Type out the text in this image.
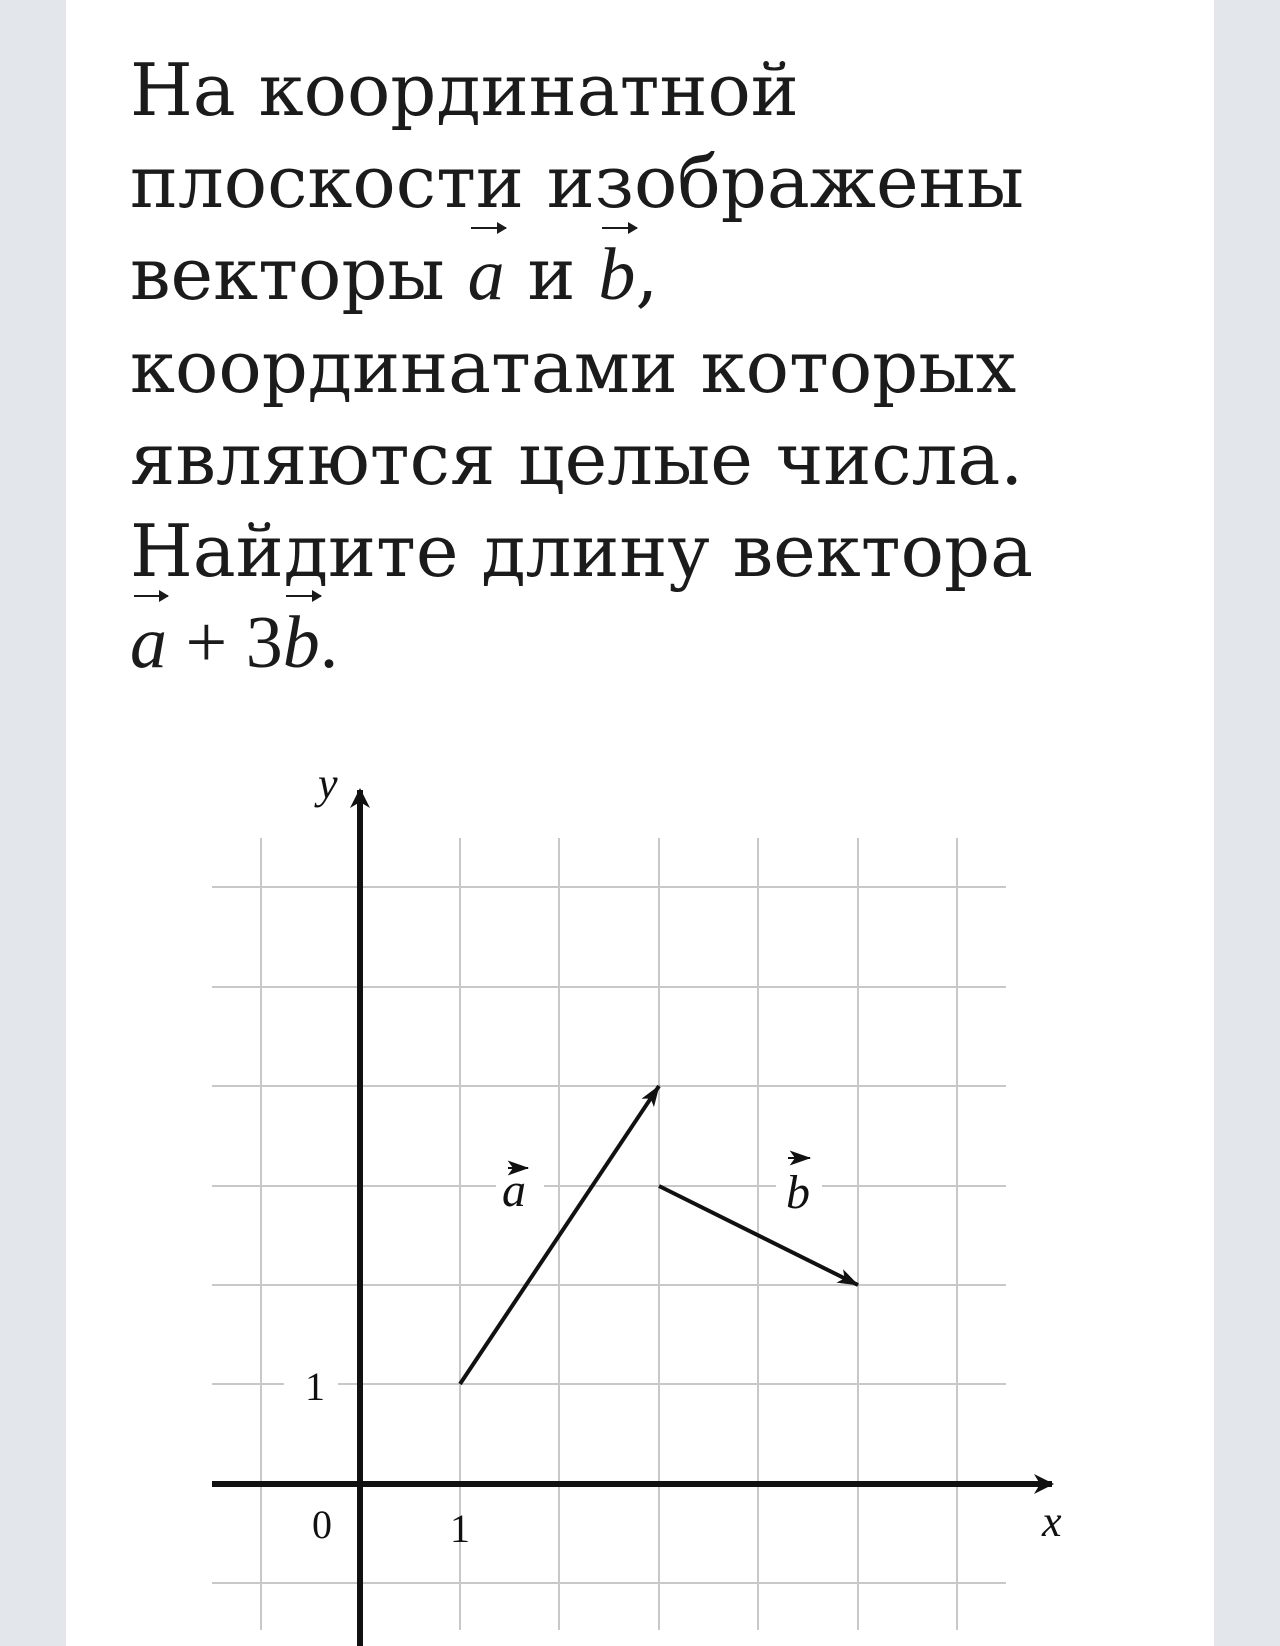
На координатной
плоскости изображены
векторы a и b,
координатами которых
являются целые числа.
Найдите длину вектора
a + 3b.
y
x
0	1
1
a	b
